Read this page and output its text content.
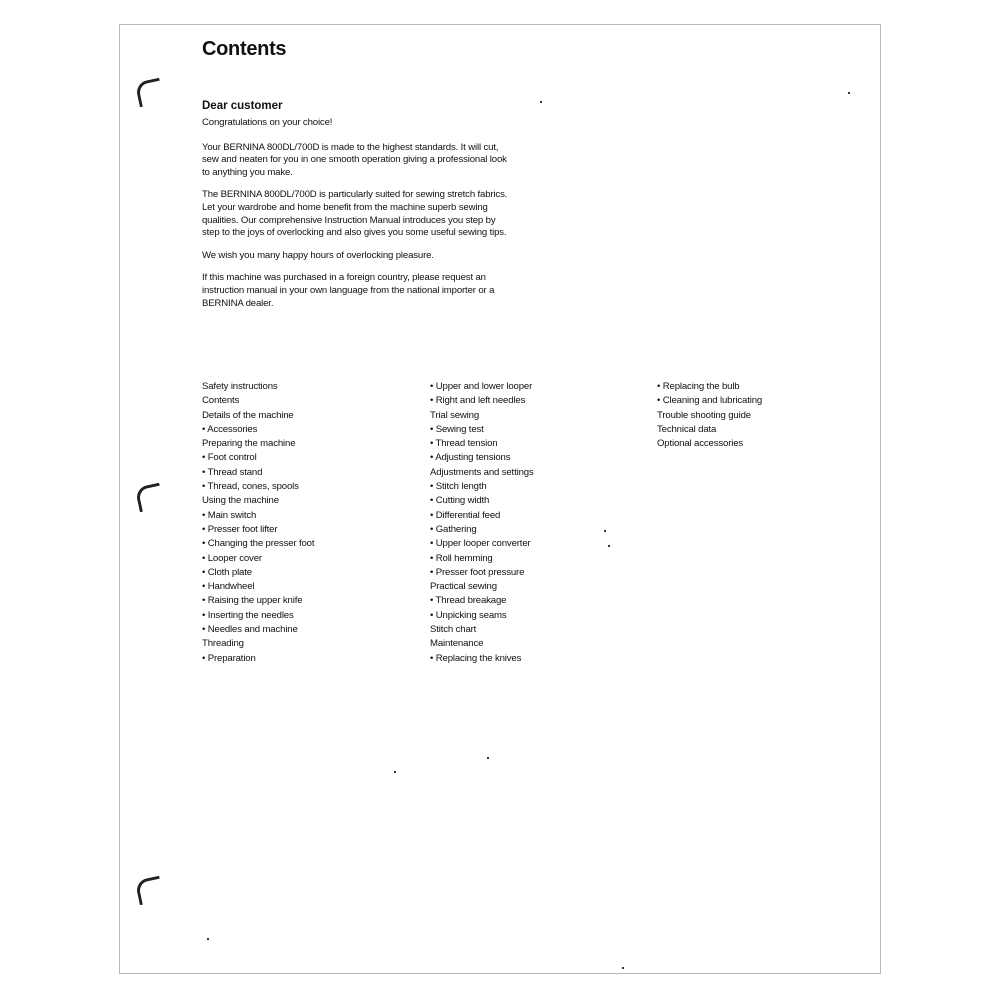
Contents
Dear customer

Congratulations on your choice!

Your BERNINA 800DL/700D is made to the highest standards. It will cut, sew and neaten for you in one smooth operation giving a professional look to anything you make.

The BERNINA 800DL/700D is particularly suited for sewing stretch fabrics. Let your wardrobe and home benefit from the machine superb sewing qualities. Our comprehensive Instruction Manual introduces you step by step to the joys of overlocking and also gives you some useful sewing tips.

We wish you many happy hours of overlocking pleasure.

If this machine was purchased in a foreign country, please request an instruction manual in your own language from the national importer or a BERNINA dealer.

Safety instructions
Contents
Details of the machine
• Accessories
Preparing the machine
• Foot control
• Thread stand
• Thread, cones, spools
Using the machine
• Main switch
• Presser foot lifter
• Changing the presser foot
• Looper cover
• Cloth plate
• Handwheel
• Raising the upper knife
• Inserting the needles
• Needles and machine
Threading
• Preparation
• Upper and lower looper
• Right and left needles
Trial sewing
• Sewing test
• Thread tension
• Adjusting tensions
Adjustments and settings
• Stitch length
• Cutting width
• Differential feed
• Gathering
• Upper looper converter
• Roll hemming
• Presser foot pressure
Practical sewing
• Thread breakage
• Unpicking seams
Stitch chart
Maintenance
• Replacing the knives
• Replacing the bulb
• Cleaning and lubricating
Trouble shooting guide
Technical data
Optional accessories
